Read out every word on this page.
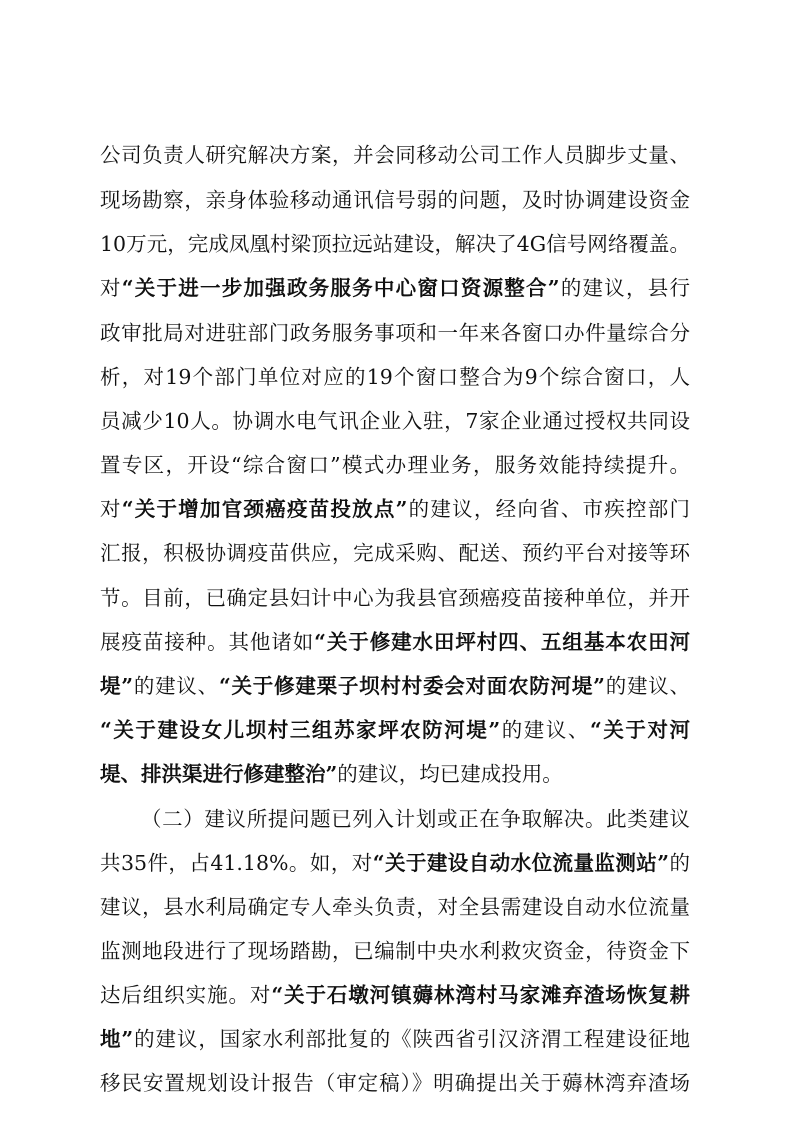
公司负责人研究解决方案，并会同移动公司工作人员脚步丈量、
现场勘察，亲身体验移动通讯信号弱的问题，及时协调建设资金
10万元，完成凤凰村梁顶拉远站建设，解决了4G信号网络覆盖。
对“关于进一步加强政务服务中心窗口资源整合”的建议，县行
政审批局对进驻部门政务服务事项和一年来各窗口办件量综合分
析，对19个部门单位对应的19个窗口整合为9个综合窗口，人
员减少10人。协调水电气讯企业入驻，7家企业通过授权共同设
置专区，开设“综合窗口”模式办理业务，服务效能持续提升。
对“关于增加官颈癌疫苗投放点”的建议，经向省、市疾控部门
汇报，积极协调疫苗供应，完成采购、配送、预约平台对接等环
节。目前，已确定县妇计中心为我县官颈癌疫苗接种单位，并开
展疫苗接种。其他诸如“关于修建水田坪村四、五组基本农田河
堤”的建议、“关于修建栗子坝村村委会对面农防河堤”的建议、
“关于建设女儿坝村三组苏家坪农防河堤”的建议、“关于对河
堤、排洪渠进行修建整治”的建议，均已建成投用。
（二）建议所提问题已列入计划或正在争取解决。此类建议
共35件，占41.18%。如，对“关于建设自动水位流量监测站”的
建议，县水利局确定专人牵头负责，对全县需建设自动水位流量
监测地段进行了现场踏勘，已编制中央水利救灾资金，待资金下
达后组织实施。对“关于石墩河镇薅林湾村马家滩弃渣场恢复耕
地”的建议，国家水利部批复的《陕西省引汉济渭工程建设征地
移民安置规划设计报告（审定稿）》明确提出关于薅林湾弃渣场
